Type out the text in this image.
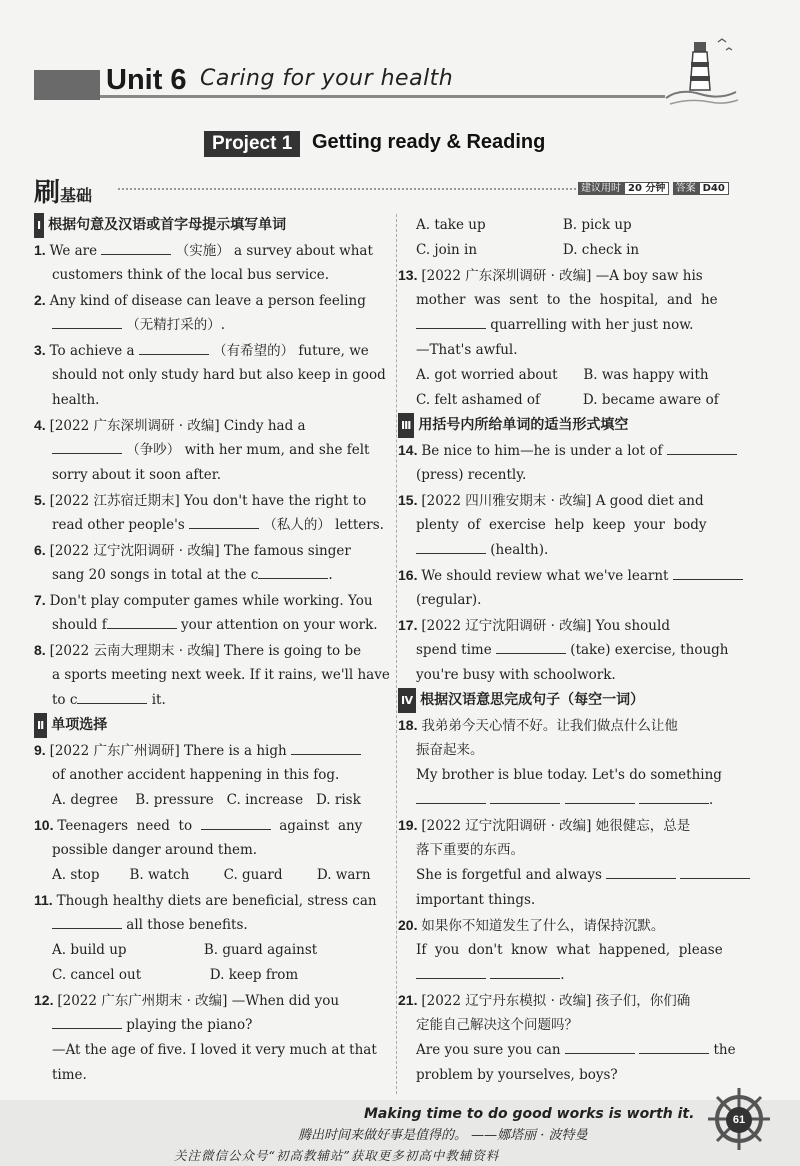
Unit 6 Caring for your health
Project 1 Getting ready & Reading
刷基础	建议用时 20 分钟 答案 D40
Ⅰ 根据句意及汉语或首字母提示填写单词
1. We are	（实施） a survey about what
customers think of the local bus service.
2. Any kind of disease can leave a person feeling
（无精打采的）.
3. To achieve a	（有希望的） future, we
should not only study hard but also keep in good
health.
4. [2022 广东深圳调研 · 改编] Cindy had a
（争吵） with her mum, and she felt
sorry about it soon after.
5. [2022 江苏宿迁期末] You don't have the right to
read other people's	（私人的） letters.
6. [2022 辽宁沈阳调研 · 改编] The famous singer
sang 20 songs in total at the c	.
7. Don't play computer games while working. You
should f	your attention on your work.
8. [2022 云南大理期末 · 改编] There is going to be
a sports meeting next week. If it rains, we'll have
to c	it.
Ⅱ 单项选择
9. [2022 广东广州调研] There is a high
of another accident happening in this fog.
A. degree    B. pressure   C. increase   D. risk
10. Teenagers  need  to	against  any
possible danger around them.
A. stop       B. watch        C. guard        D. warn
11. Though healthy diets are beneficial, stress can
all those benefits.
A. build up                  B. guard against
C. cancel out                D. keep from
12. [2022 广东广州期末 · 改编] —When did you
playing the piano?
—At the age of five. I loved it very much at that
time.
A. take up                  B. pick up
C. join in                    D. check in
13. [2022 广东深圳调研 · 改编] —A boy saw his
mother  was  sent  to  the  hospital,  and  he
quarrelling with her just now.
—That's awful.
A. got worried about      B. was happy with
C. felt ashamed of          D. became aware of
Ⅲ 用括号内所给单词的适当形式填空
14. Be nice to him—he is under a lot of
(press) recently.
15. [2022 四川雅安期末 · 改编] A good diet and
plenty  of  exercise  help  keep  your  body
(health).
16. We should review what we've learnt
(regular).
17. [2022 辽宁沈阳调研 · 改编] You should
spend time	(take) exercise, though
you're busy with schoolwork.
Ⅳ 根据汉语意思完成句子（每空一词）
18. 我弟弟今天心情不好。让我们做点什么让他
振奋起来。
My brother is blue today. Let's do something
.
19. [2022 辽宁沈阳调研 · 改编] 她很健忘，总是
落下重要的东西。
She is forgetful and always
important things.
20. 如果你不知道发生了什么，请保持沉默。
If  you  don't  know  what  happened,  please
.
21. [2022 辽宁丹东模拟 · 改编] 孩子们，你们确
定能自己解决这个问题吗？
Are you sure you can	the
problem by yourselves, boys?
Making time to do good works is worth it.
腾出时间来做好事是值得的。 ——娜塔丽 · 波特曼
关注微信公众号“初高教辅站”获取更多初高中教辅资料
61
